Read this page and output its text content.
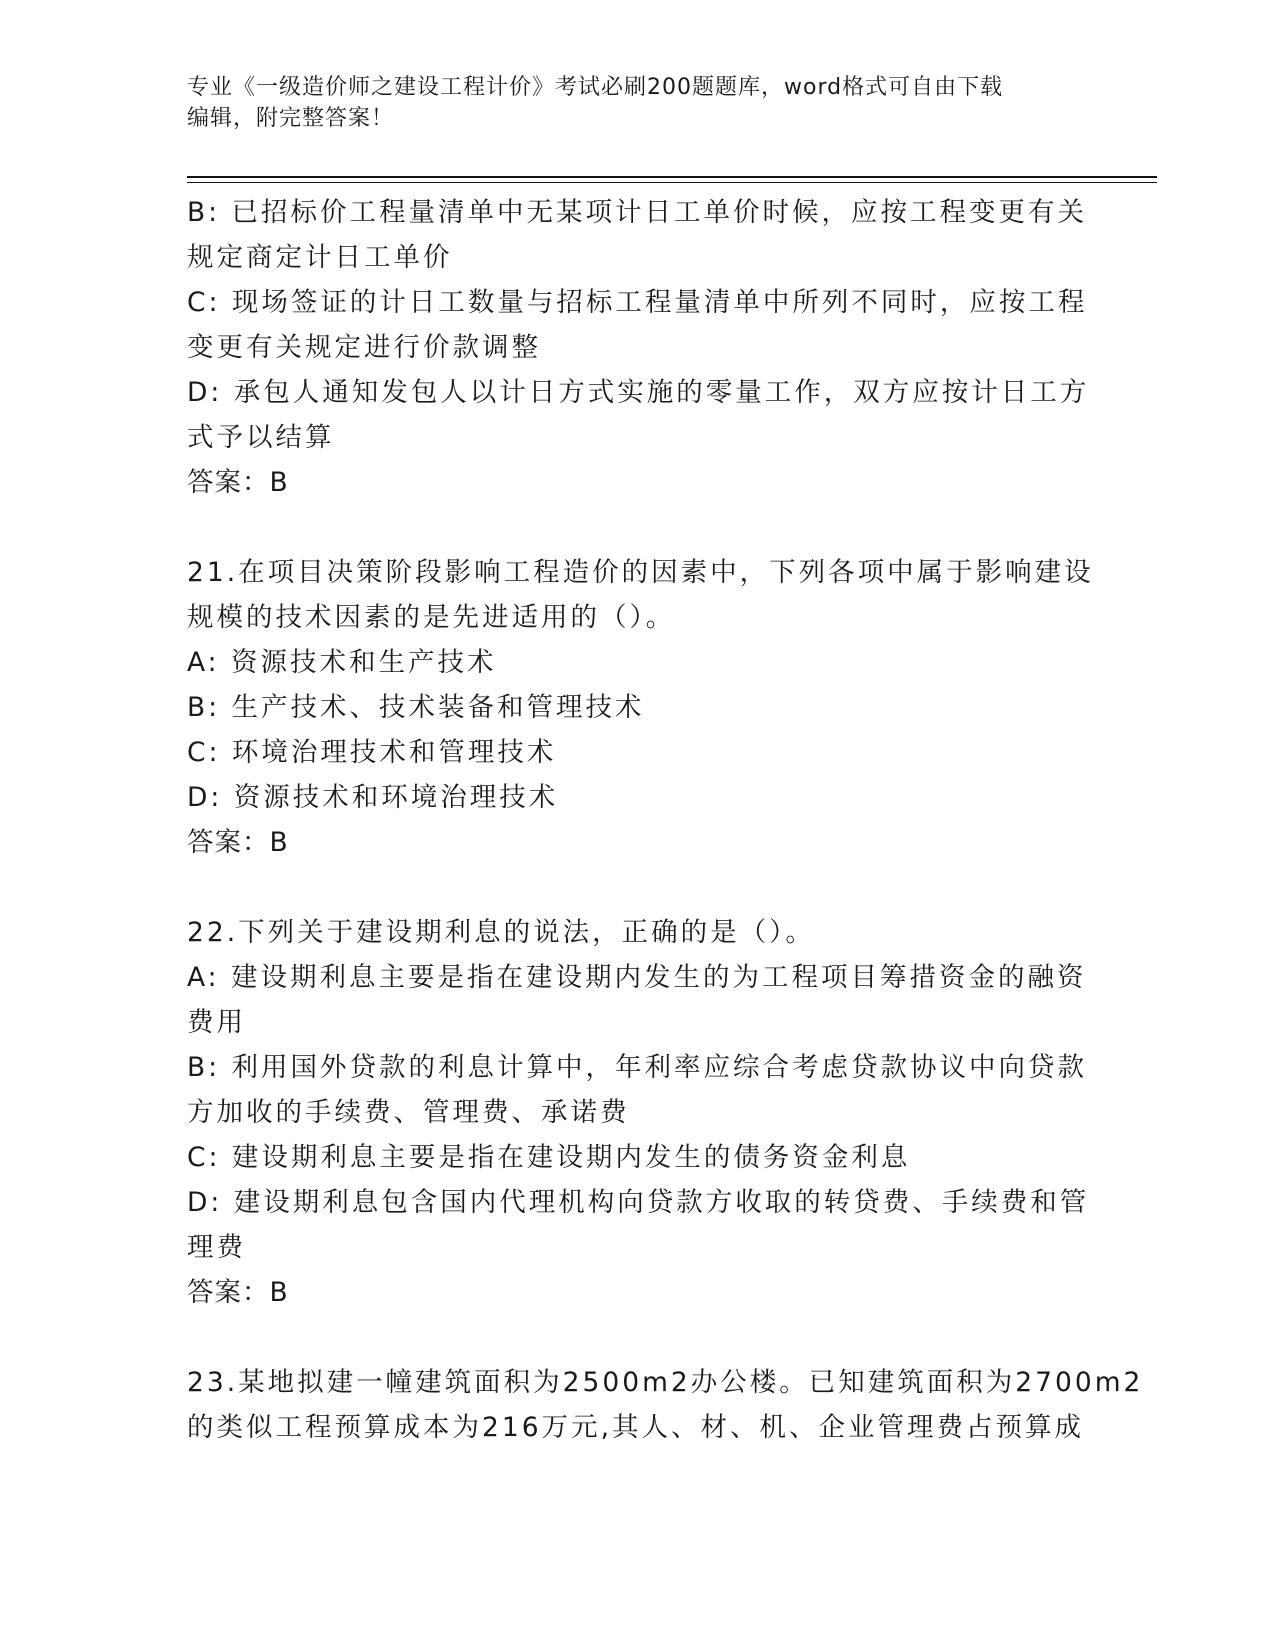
专业《一级造价师之建设工程计价》考试必刷200题题库，word格式可自由下载
编辑，附完整答案！
B: 已招标价工程量清单中无某项计日工单价时候，应按工程变更有关
规定商定计日工单价
C: 现场签证的计日工数量与招标工程量清单中所列不同时，应按工程
变更有关规定进行价款调整
D: 承包人通知发包人以计日方式实施的零量工作，双方应按计日工方
式予以结算
答案：B
21.在项目决策阶段影响工程造价的因素中，下列各项中属于影响建设
规模的技术因素的是先进适用的（）。
A: 资源技术和生产技术
B: 生产技术、技术装备和管理技术
C: 环境治理技术和管理技术
D: 资源技术和环境治理技术
答案：B
22.下列关于建设期利息的说法，正确的是（）。
A: 建设期利息主要是指在建设期内发生的为工程项目筹措资金的融资
费用
B: 利用国外贷款的利息计算中，年利率应综合考虑贷款协议中向贷款
方加收的手续费、管理费、承诺费
C: 建设期利息主要是指在建设期内发生的债务资金利息
D: 建设期利息包含国内代理机构向贷款方收取的转贷费、手续费和管
理费
答案：B
23.某地拟建一幢建筑面积为2500m2办公楼。已知建筑面积为2700m2
的类似工程预算成本为216万元,其人、材、机、企业管理费占预算成
